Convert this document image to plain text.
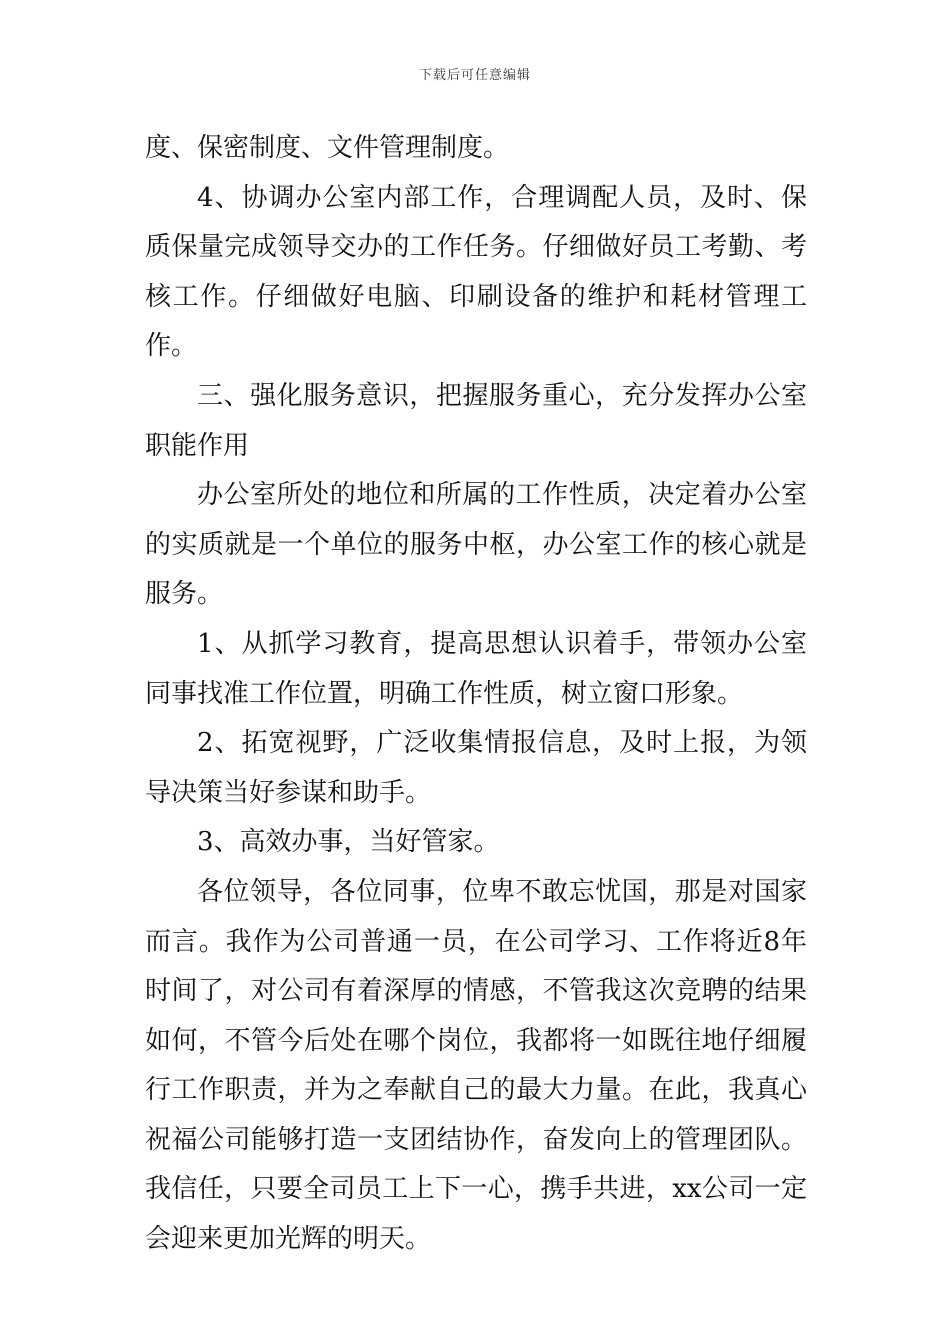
下载后可任意编辑

度、保密制度、文件管理制度。

4、协调办公室内部工作，合理调配人员，及时、保质保量完成领导交办的工作任务。仔细做好员工考勤、考核工作。仔细做好电脑、印刷设备的维护和耗材管理工作。

三、强化服务意识，把握服务重心，充分发挥办公室职能作用

办公室所处的地位和所属的工作性质，决定着办公室的实质就是一个单位的服务中枢，办公室工作的核心就是服务。

1、从抓学习教育，提高思想认识着手，带领办公室同事找准工作位置，明确工作性质，树立窗口形象。

2、拓宽视野，广泛收集情报信息，及时上报，为领导决策当好参谋和助手。

3、高效办事，当好管家。

各位领导，各位同事，位卑不敢忘忧国，那是对国家而言。我作为公司普通一员，在公司学习、工作将近8年时间了，对公司有着深厚的情感，不管我这次竞聘的结果如何，不管今后处在哪个岗位，我都将一如既往地仔细履行工作职责，并为之奉献自己的最大力量。在此，我真心祝福公司能够打造一支团结协作，奋发向上的管理团队。我信任，只要全司员工上下一心，携手共进，xx公司一定会迎来更加光辉的明天。
